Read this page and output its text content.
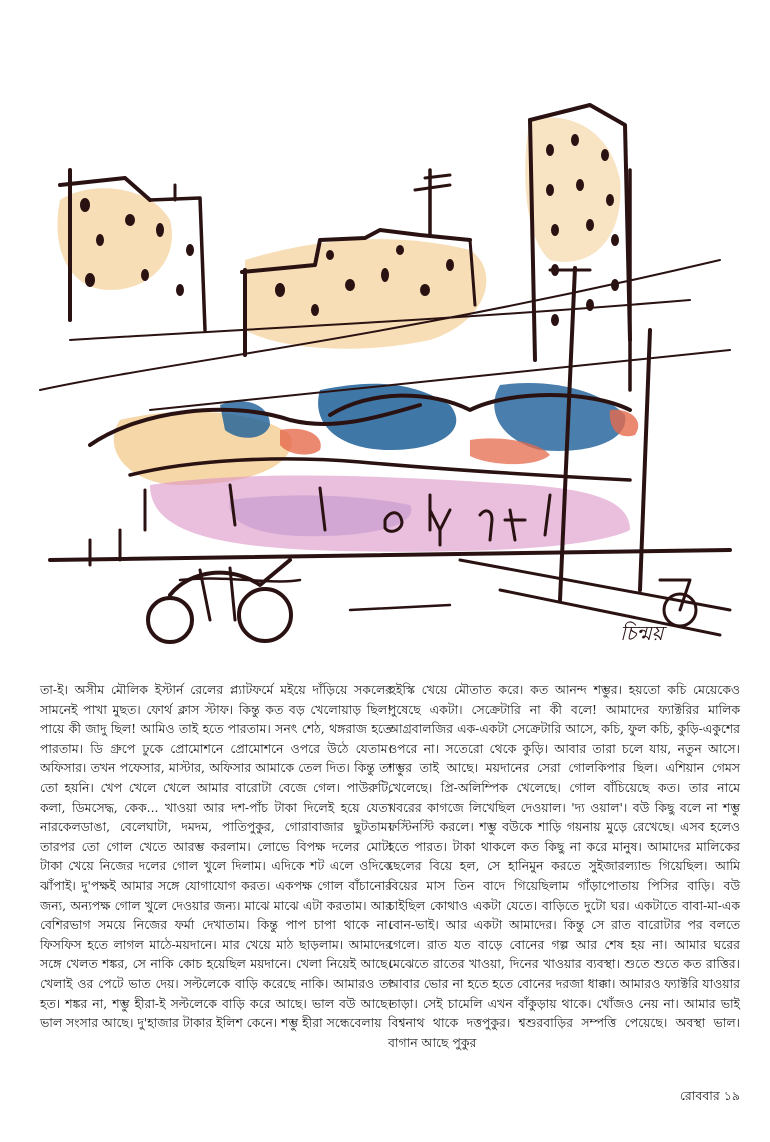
চিন্ময়

তা-ই। অসীম মৌলিক ইস্টার্ন রেলের প্ল্যাটফর্মে মইয়ে দাঁড়িয়ে সকলের সামনেই পাখা মুছত। ফোর্থ ক্লাস স্টাফ। কিন্তু কত বড় খেলোয়াড় ছিল! পায়ে কী জাদু ছিল! আমিও তাই হতে পারতাম। সনৎ শেঠ, থঙ্গরাজ হতে পারতাম। ডি গ্রুপে ঢুকে প্রোমোশনে প্রোমোশনে ওপরে উঠে যেতাম। অফিসার। তখন পফেসার, মাস্টার, অফিসার আমাকে তেল দিত। কিন্তু তা তো হয়নি। খেপ খেলে খেলে আমার বারোটা বেজে গেল। পাউরুটি, কলা, ডিমসেদ্ধ, কেক... খাওয়া আর দশ-পাঁচ টাকা দিলেই হয়ে যেত। নারকেলডাঙা, বেলেঘাটা, দমদম, পাতিপুকুর, গোরাবাজার ছুটতাম। তারপর তো গোল খেতে আরম্ভ করলাম। লোভে বিপক্ষ দলের মোটা টাকা খেয়ে নিজের দলের গোল খুলে দিলাম। এদিকে শট এলে ওদিকে ঝাঁপাই। দু'পক্ষই আমার সঙ্গে যোগাযোগ করত। একপক্ষ গোল বাঁচানোর জন্য, অন্যপক্ষ গোল খুলে দেওয়ার জন্য। মাঝে মাঝে এটা করতাম। আর বেশিরভাগ সময়ে নিজের ফর্মা দেখাতাম। কিন্তু পাপ চাপা থাকে না। ফিসফিস হতে লাগল মাঠে-ময়দানে। মার খেয়ে মাঠ ছাড়লাম। আমাদের সঙ্গে খেলত শঙ্কর, সে নাকি কোচ হয়েছিল ময়দানে। খেলা নিয়েই আছে। খেলাই ওর পেটে ভাত দেয়। সল্টলেকে বাড়ি করেছে নাকি। আমারও তা হত। শঙ্কর না, শম্ভু হীরা-ই সল্টলেকে বাড়ি করে আছে। ভাল বউ আছে। ভাল সংসার আছে। দু'হাজার টাকার ইলিশ কেনে। শম্ভু হীরা সন্ধেবেলায়

হুইস্কি খেয়ে মৌতাত করে। কত আনন্দ শম্ভুর। হয়তো কচি মেয়েকেও পুষেছে একটা। সেক্রেটারি না কী বলে! আমাদের ফ্যাক্টরির মালিক আগ্রবালজির এক-একটা সেক্রেটারি আসে, কচি, ফুল কচি, কুড়ি-একুশের ওপরে না। সতেরো থেকে কুড়ি। আবার তারা চলে যায়, নতুন আসে। শম্ভুর তাই আছে। ময়দানের সেরা গোলকিপার ছিল। এশিয়ান গেমস খেলেছে। প্রি-অলিম্পিক খেলেছে। গোল বাঁচিয়েছে কত। তার নামে খবরের কাগজে লিখেছিল দেওয়াল। 'দ্য ওয়াল'। বউ কিছু বলে না শম্ভু ফস্টিনস্টি করলে। শম্ভু বউকে শাড়ি গয়নায় মুড়ে রেখেছে। এসব হলেও হতে পারত। টাকা থাকলে কত কিছু না করে মানুষ। আমাদের মালিকের ছেলের বিয়ে হল, সে হানিমুন করতে সুইজারল্যান্ড গিয়েছিল। আমি বিয়ের মাস তিন বাদে গিয়েছিলাম গাঁড়াপোতায় পিসির বাড়ি। বউ চাইছিল কোথাও একটা যেতে। বাড়িতে দুটো ঘর। একটাতে বাবা-মা-এক বোন-ভাই। আর একটা আমাদের। কিন্তু সে রাত বারোটার পর বলতে গেলে। রাত যত বাড়ে বোনের গল্প আর শেষ হয় না। আমার ঘরের মেঝেতে রাতের খাওয়া, দিনের খাওয়ার ব্যবস্থা। শুতে শুতে কত রাত্তির। আবার ভোর না হতে হতে বোনের দরজা ধাক্কা। আমারও ফ্যাক্টরি যাওয়ার তাড়া। সেই চামেলি এখন বাঁকুড়ায় থাকে। খোঁজও নেয় না। আমার ভাই বিশ্বনাথ থাকে দত্তপুকুর। শ্বশুরবাড়ির সম্পত্তি পেয়েছে। অবস্থা ভাল। বাগান আছে পুকুর

রোববার ১৯
